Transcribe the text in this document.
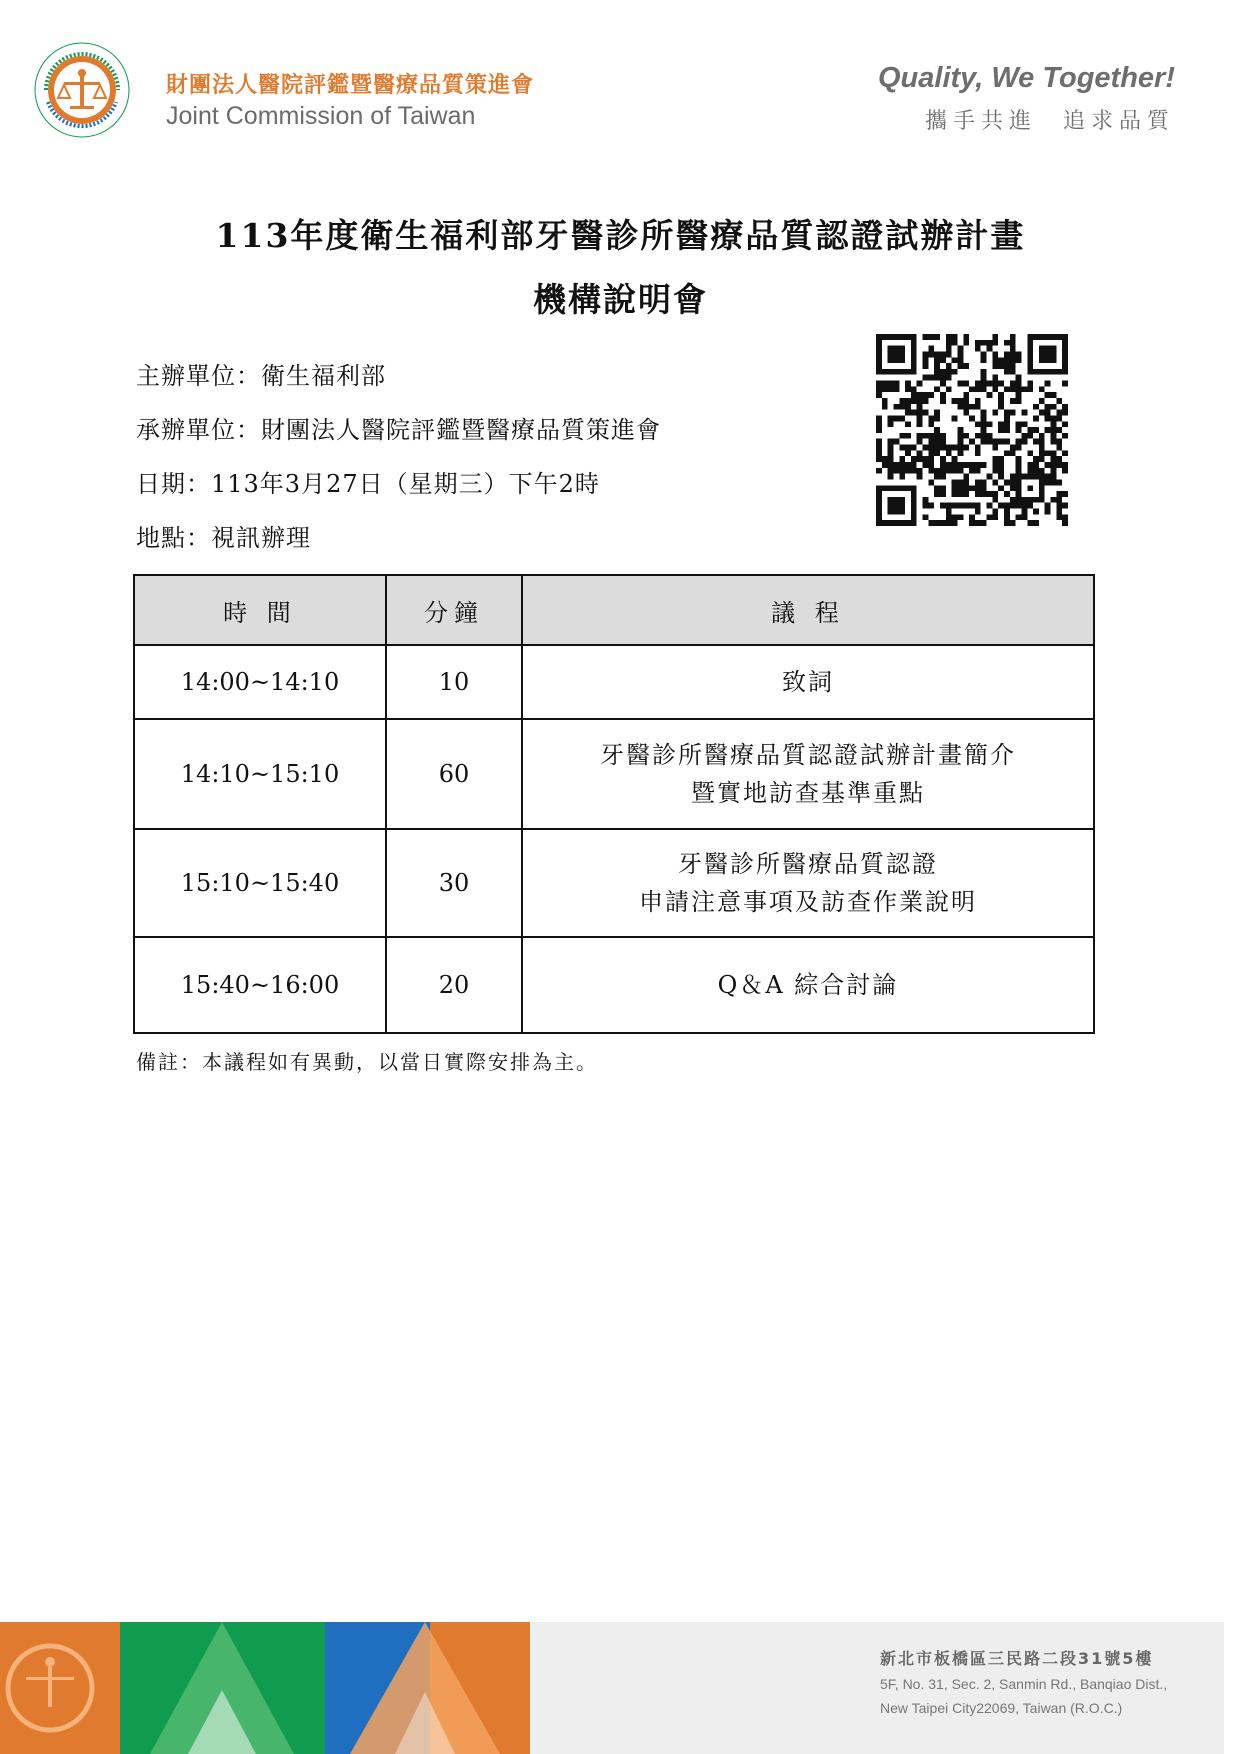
財團法人醫院評鑑暨醫療品質策進會
Joint Commission of Taiwan
Quality, We Together!
攜手共進  追求品質
113年度衛生福利部牙醫診所醫療品質認證試辦計畫
機構說明會
主辦單位：衛生福利部
承辦單位：財團法人醫院評鑑暨醫療品質策進會
日期：113年3月27日（星期三）下午2時
地點：視訊辦理
時 間	分鐘	議 程
14:00~14:10	10	致詞

14:10~15:10	60	牙醫診所醫療品質認證試辦計畫簡介
暨實地訪查基準重點

15:10~15:40	30	牙醫診所醫療品質認證
申請注意事項及訪查作業說明

15:40~16:00	20	Q＆A 綜合討論
備註：本議程如有異動，以當日實際安排為主。
新北市板橋區三民路二段31號5樓
5F, No. 31, Sec. 2, Sanmin Rd., Banqiao Dist.,
New Taipei City22069, Taiwan (R.O.C.)
